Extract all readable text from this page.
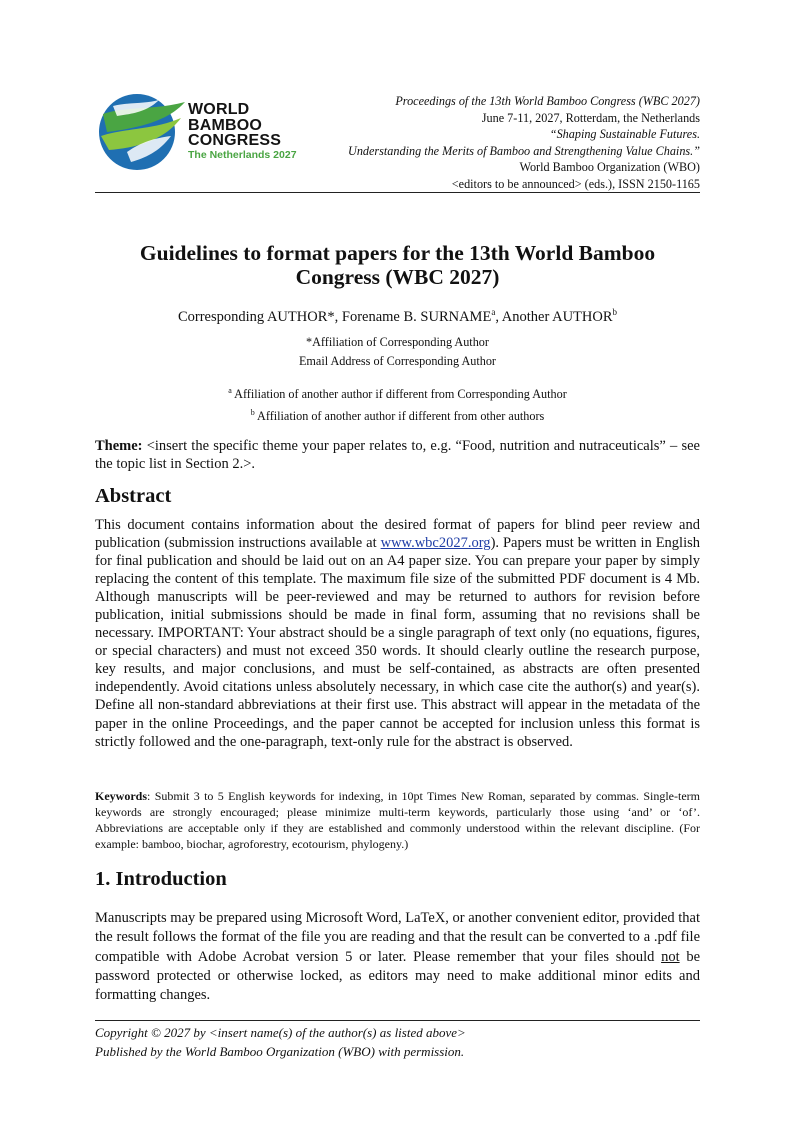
WORLD
BAMBOO
CONGRESS
The Netherlands 2027
Proceedings of the 13th World Bamboo Congress (WBC 2027)
June 7-11, 2027, Rotterdam, the Netherlands
“Shaping Sustainable Futures.
Understanding the Merits of Bamboo and Strengthening Value Chains.”
World Bamboo Organization (WBO)
<editors to be announced> (eds.), ISSN 2150-1165
Guidelines to format papers for the 13th World Bamboo
Congress (WBC 2027)
Corresponding AUTHOR*, Forename B. SURNAME$^a$, Another AUTHOR$^b$
*Affiliation of Corresponding Author
Email Address of Corresponding Author
$^a$ Affiliation of another author if different from Corresponding Author
$^b$ Affiliation of another author if different from other authors
Theme: <insert the specific theme your paper relates to, e.g. “Food, nutrition and nutraceuticals” – see the topic list in Section 2.>.
Abstract

This document contains information about the desired format of papers for blind peer review and publication (submission instructions available at www.wbc2027.org). Papers must be written in English for final publication and should be laid out on an A4 paper size. You can prepare your paper by simply replacing the content of this template. The maximum file size of the submitted PDF document is 4 Mb. Although manuscripts will be peer-reviewed and may be returned to authors for revision before publication, initial submissions should be made in final form, assuming that no revisions shall be necessary. IMPORTANT: Your abstract should be a single paragraph of text only (no equations, figures, or special characters) and must not exceed 350 words. It should clearly outline the research purpose, key results, and major conclusions, and must be self-contained, as abstracts are often presented independently. Avoid citations unless absolutely necessary, in which case cite the author(s) and year(s). Define all non-standard abbreviations at their first use. This abstract will appear in the metadata of the paper in the online Proceedings, and the paper cannot be accepted for inclusion unless this format is strictly followed and the one-paragraph, text-only rule for the abstract is observed.

Keywords: Submit 3 to 5 English keywords for indexing, in 10pt Times New Roman, separated by commas. Single-term keywords are strongly encouraged; please minimize multi-term keywords, particularly those using ‘and’ or ‘of’. Abbreviations are acceptable only if they are established and commonly understood within the relevant discipline. (For example: bamboo, biochar, agroforestry, ecotourism, phylogeny.)

1. Introduction

Manuscripts may be prepared using Microsoft Word, LaTeX, or another convenient editor, provided that the result follows the format of the file you are reading and that the result can be converted to a .pdf file compatible with Adobe Acrobat version 5 or later. Please remember that your files should not be password protected or otherwise locked, as editors may need to make additional minor edits and formatting changes.

Copyright © 2027 by <insert name(s) of the author(s) as listed above>
Published by the World Bamboo Organization (WBO) with permission.
